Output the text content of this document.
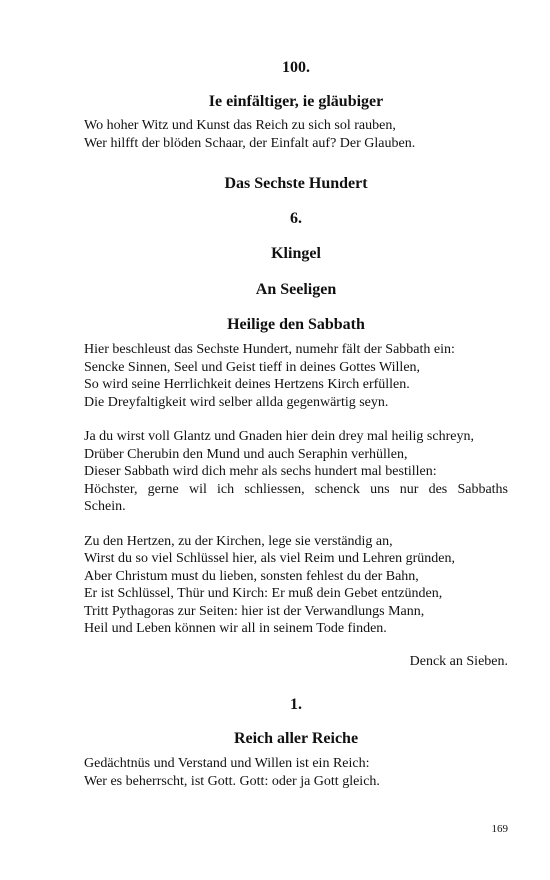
100.

Ie einfältiger, ie gläubiger

Wo hoher Witz und Kunst das Reich zu sich sol rauben,
Wer hilfft der blöden Schaar, der Einfalt auf? Der Glauben.

Das Sechste Hundert

6.

Klingel

An Seeligen

Heilige den Sabbath

Hier beschleust das Sechste Hundert, numehr fält der Sabbath ein:
Sencke Sinnen, Seel und Geist tieff in deines Gottes Willen,
So wird seine Herrlichkeit deines Hertzens Kirch erfüllen.
Die Dreyfaltigkeit wird selber allda gegenwärtig seyn.

Ja du wirst voll Glantz und Gnaden hier dein drey mal heilig schreyn,
Drüber Cherubin den Mund und auch Seraphin verhüllen,
Dieser Sabbath wird dich mehr als sechs hundert mal bestillen:
Höchster, gerne wil ich schliessen, schenck uns nur des Sabbaths
Schein.

Zu den Hertzen, zu der Kirchen, lege sie verständig an,
Wirst du so viel Schlüssel hier, als viel Reim und Lehren gründen,
Aber Christum must du lieben, sonsten fehlest du der Bahn,
Er ist Schlüssel, Thür und Kirch: Er muß dein Gebet entzünden,
Tritt Pythagoras zur Seiten: hier ist der Verwandlungs Mann,
Heil und Leben können wir all in seinem Tode finden.

Denck an Sieben.

1.

Reich aller Reiche

Gedächtnüs und Verstand und Willen ist ein Reich:
Wer es beherrscht, ist Gott. Gott: oder ja Gott gleich.

169
